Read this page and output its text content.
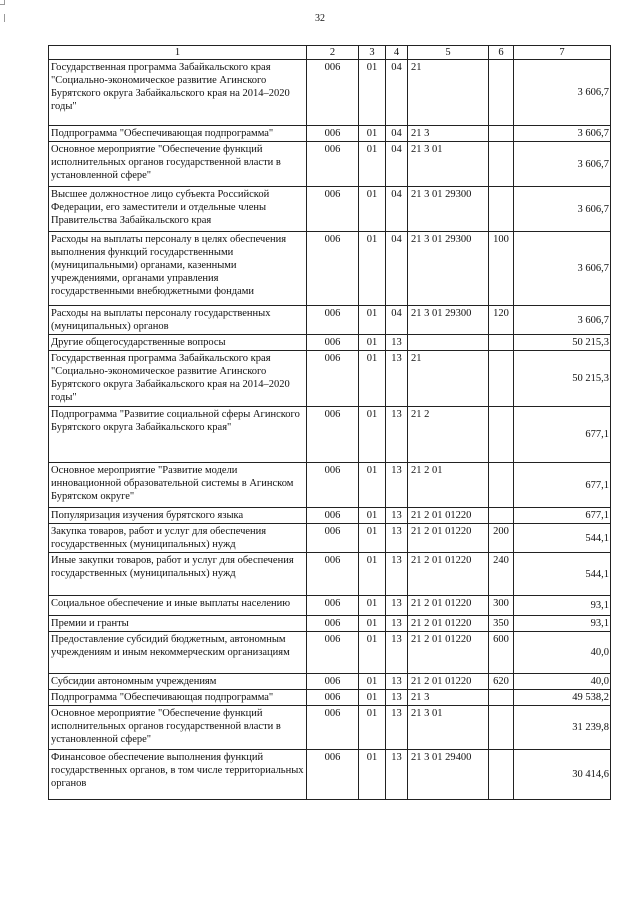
32
1	2	3	4	5	6	7
Государственная программа Забайкальского края "Социально-экономическое развитие Агинского Бурятского округа Забайкальского края на 2014–2020 годы"	006	01	04	21		3 606,7
Подпрограмма "Обеспечивающая подпрограмма"	006	01	04	21 3		3 606,7
Основное мероприятие "Обеспечение функций исполнительных органов государственной власти в установленной сфере"	006	01	04	21 3 01		3 606,7
Высшее должностное лицо субъекта Российской Федерации, его заместители и отдельные члены Правительства Забайкальского края	006	01	04	21 3 01 29300		3 606,7
Расходы на выплаты персоналу в целях обеспечения выполнения функций государственными (муниципальными) органами, казенными учреждениями, органами управления государственными внебюджетными фондами	006	01	04	21 3 01 29300	100	3 606,7
Расходы на выплаты персоналу государственных (муниципальных) органов	006	01	04	21 3 01 29300	120	3 606,7
Другие общегосударственные вопросы	006	01	13			50 215,3
Государственная программа Забайкальского края "Социально-экономическое развитие Агинского Бурятского округа Забайкальского края на 2014–2020 годы"	006	01	13	21		50 215,3
Подпрограмма "Развитие социальной сферы Агинского Бурятского округа Забайкальского края"	006	01	13	21 2		677,1
Основное мероприятие "Развитие модели инновационной образовательной системы в Агинском Бурятском округе"	006	01	13	21 2 01		677,1
Популяризация изучения бурятского языка	006	01	13	21 2 01 01220		677,1
Закупка товаров, работ и услуг для обеспечения государственных (муниципальных) нужд	006	01	13	21 2 01 01220	200	544,1
Иные закупки товаров, работ и услуг для обеспечения государственных (муниципальных) нужд	006	01	13	21 2 01 01220	240	544,1
Социальное обеспечение и иные выплаты населению	006	01	13	21 2 01 01220	300	93,1
Премии и гранты	006	01	13	21 2 01 01220	350	93,1
Предоставление субсидий бюджетным, автономным учреждениям и иным некоммерческим организациям	006	01	13	21 2 01 01220	600	40,0
Субсидии автономным учреждениям	006	01	13	21 2 01 01220	620	40,0
Подпрограмма "Обеспечивающая подпрограмма"	006	01	13	21 3		49 538,2
Основное мероприятие "Обеспечение функций исполнительных органов государственной власти в установленной сфере"	006	01	13	21 3 01		31 239,8
Финансовое обеспечение выполнения функций государственных органов, в том числе территориальных органов	006	01	13	21 3 01 29400		30 414,6
